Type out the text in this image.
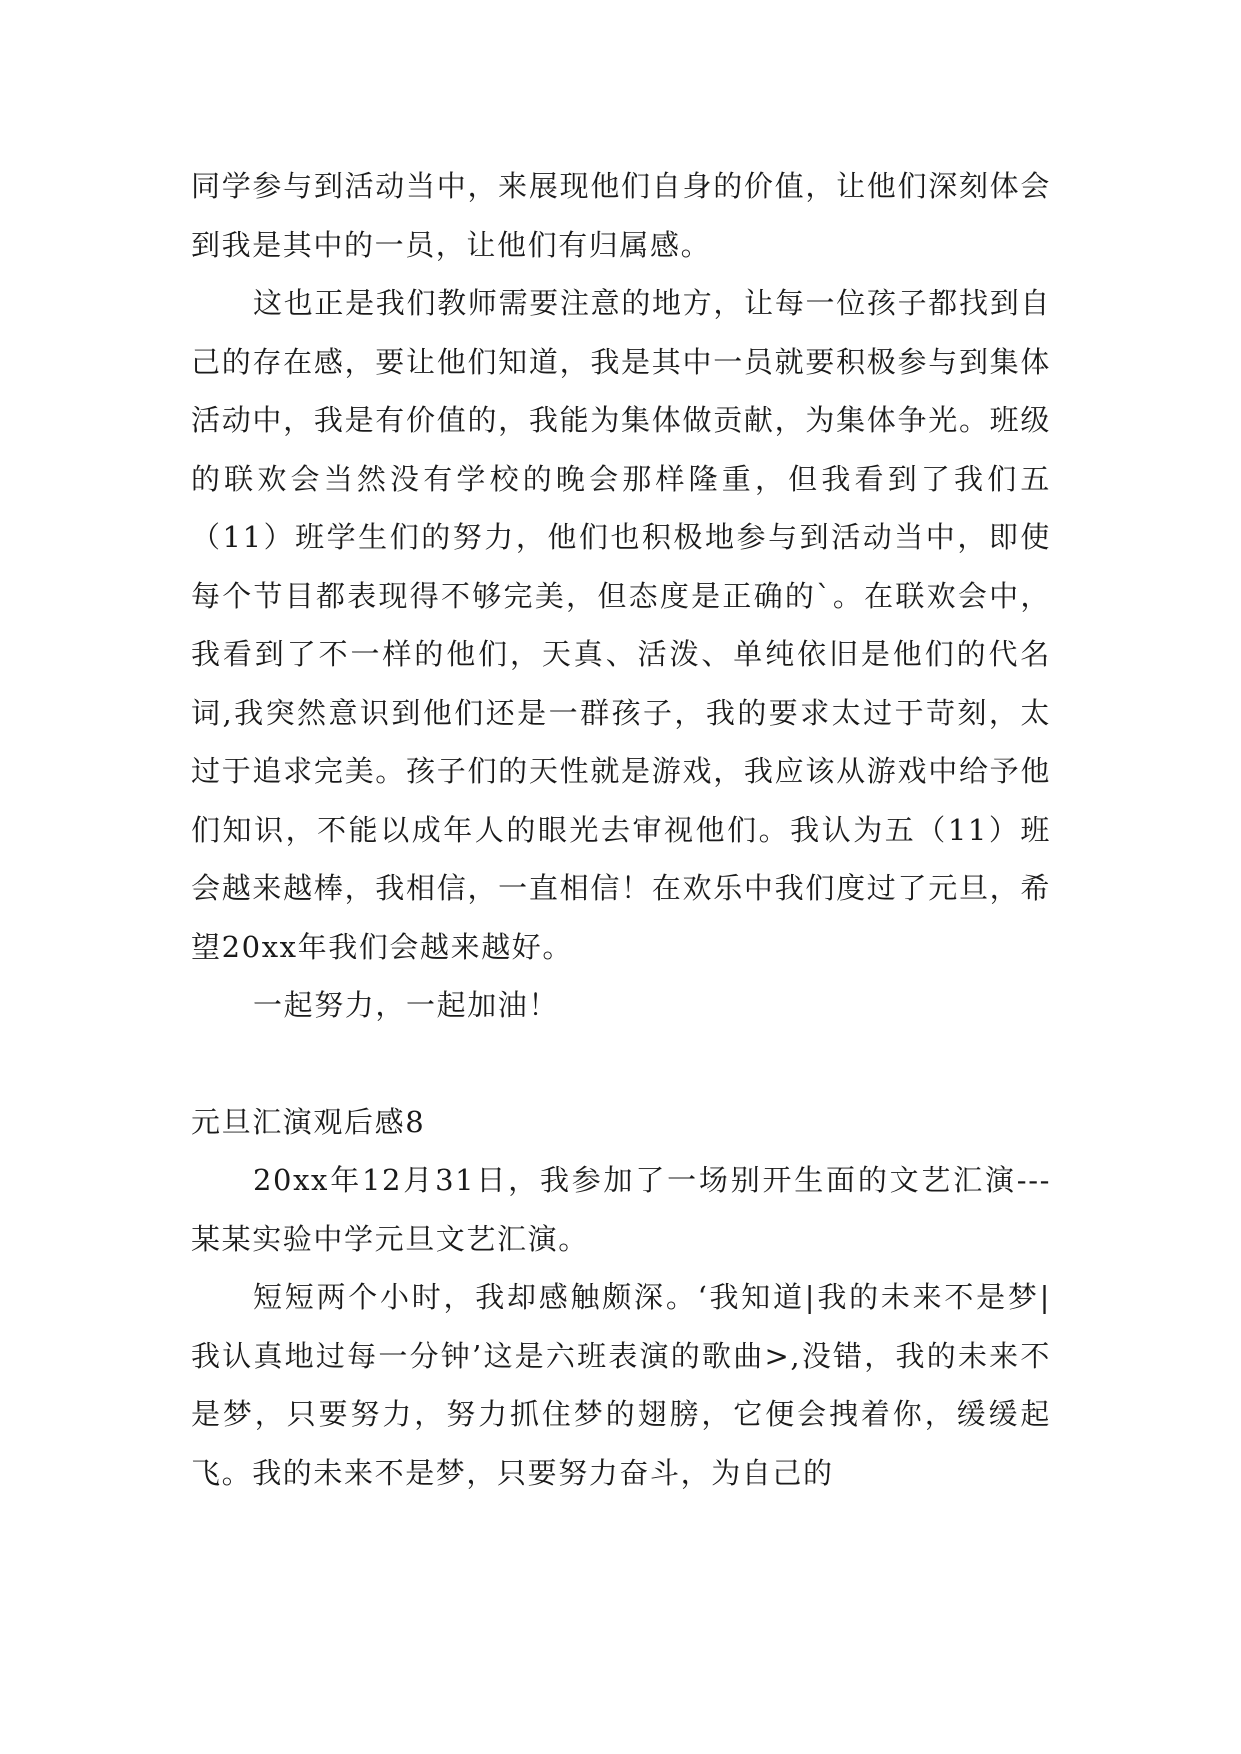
同学参与到活动当中，来展现他们自身的价值，让他们深刻体会到我是其中的一员，让他们有归属感。

这也正是我们教师需要注意的地方，让每一位孩子都找到自己的存在感，要让他们知道，我是其中一员就要积极参与到集体活动中，我是有价值的，我能为集体做贡献，为集体争光。班级的联欢会当然没有学校的晚会那样隆重，但我看到了我们五（11）班学生们的努力，他们也积极地参与到活动当中，即使每个节目都表现得不够完美，但态度是正确的`。在联欢会中，我看到了不一样的他们，天真、活泼、单纯依旧是他们的代名词,我突然意识到他们还是一群孩子，我的要求太过于苛刻，太过于追求完美。孩子们的天性就是游戏，我应该从游戏中给予他们知识，不能以成年人的眼光去审视他们。我认为五（11）班会越来越棒，我相信，一直相信！在欢乐中我们度过了元旦，希望20xx年我们会越来越好。

一起努力，一起加油！

元旦汇演观后感8

20xx年12月31日，我参加了一场别开生面的文艺汇演---某某实验中学元旦文艺汇演。

短短两个小时，我却感触颇深。‘我知道|我的未来不是梦|我认真地过每一分钟’这是六班表演的歌曲>,没错，我的未来不是梦，只要努力，努力抓住梦的翅膀，它便会拽着你，缓缓起飞。我的未来不是梦，只要努力奋斗，为自己的
